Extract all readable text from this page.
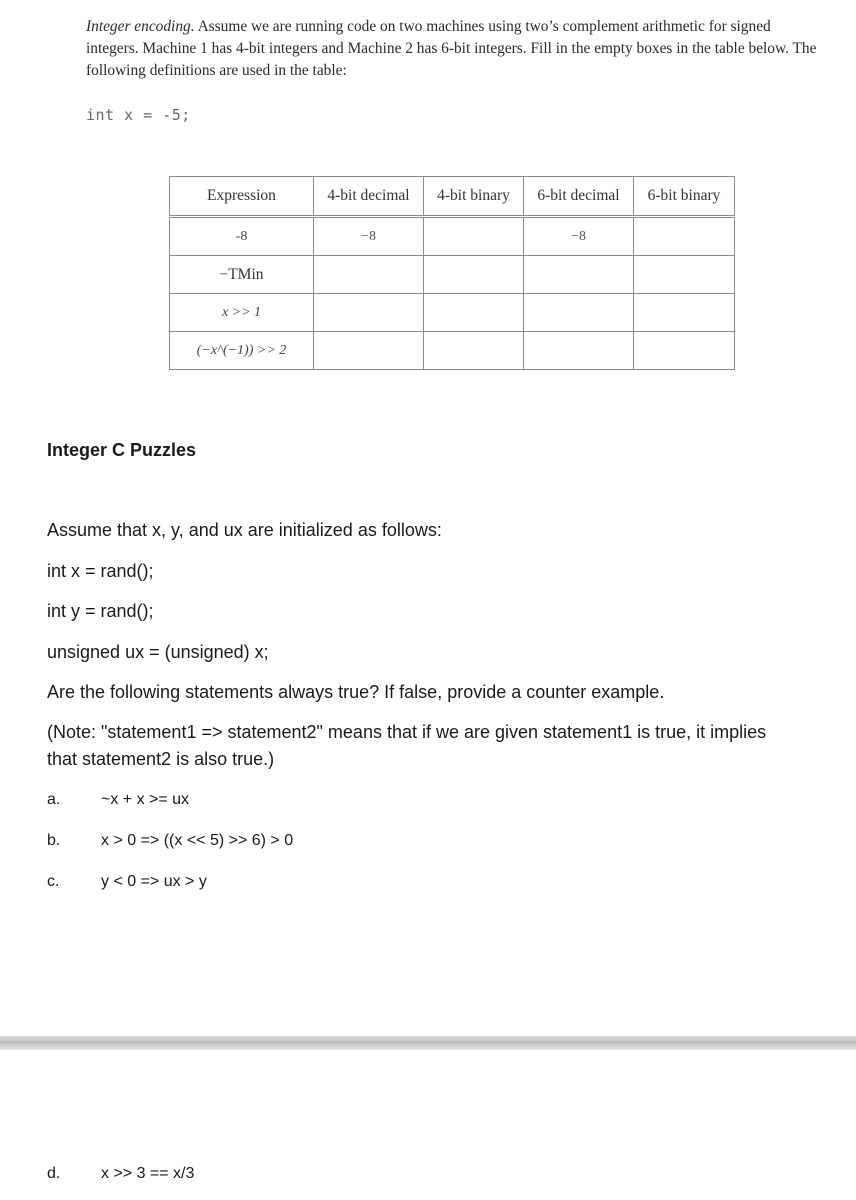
Integer encoding. Assume we are running code on two machines using two’s complement arithmetic for signed integers. Machine 1 has 4-bit integers and Machine 2 has 6-bit integers. Fill in the empty boxes in the table below. The following definitions are used in the table:

int x = -5;
Expression	4-bit decimal	4-bit binary	6-bit decimal	6-bit binary
-8	−8		−8	
−TMin				
x >> 1				
(−x^(−1)) >> 2				
Integer C Puzzles

Assume that x, y, and ux are initialized as follows:

int x = rand();

int y = rand();

unsigned ux = (unsigned) x;

Are the following statements always true? If false, provide a counter example.

(Note: "statement1 => statement2" means that if we are given statement1 is true, it implies that statement2 is also true.)

a.	~x + x >= ux
b.	x > 0 => ((x << 5) >> 6) > 0
c.	y < 0 => ux > y
d.	x >> 3 == x/3
